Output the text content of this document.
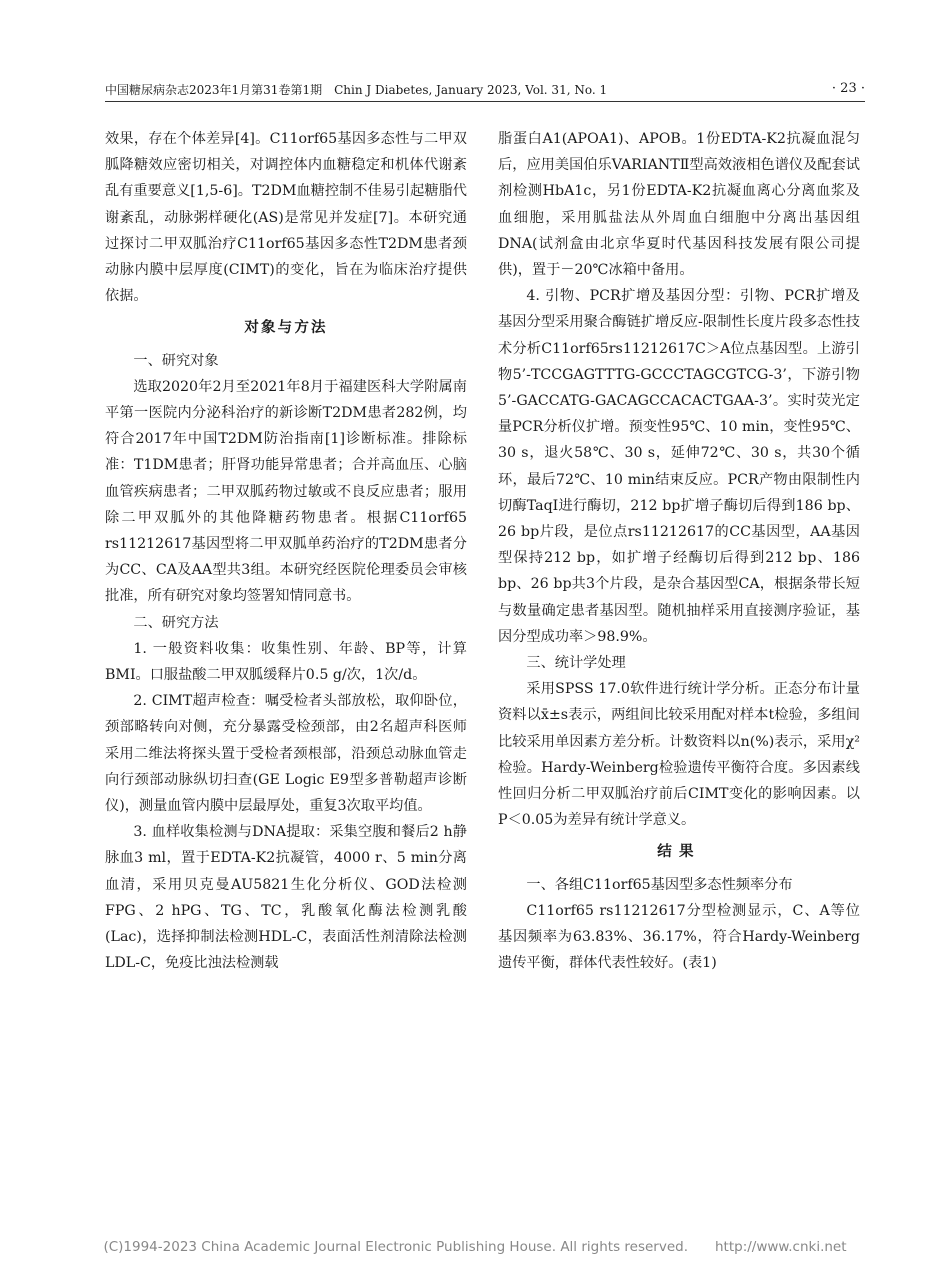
中国糖尿病杂志2023年1月第31卷第1期　Chin J Diabetes, January 2023, Vol. 31, No. 1	· 23 ·

效果，存在个体差异[4]。C11orf65基因多态性与二甲双胍降糖效应密切相关，对调控体内血糖稳定和机体代谢紊乱有重要意义[1,5-6]。T2DM血糖控制不佳易引起糖脂代谢紊乱，动脉粥样硬化(AS)是常见并发症[7]。本研究通过探讨二甲双胍治疗C11orf65基因多态性T2DM患者颈动脉内膜中层厚度(CIMT)的变化，旨在为临床治疗提供依据。

对象与方法

一、研究对象

选取2020年2月至2021年8月于福建医科大学附属南平第一医院内分泌科治疗的新诊断T2DM患者282例，均符合2017年中国T2DM防治指南[1]诊断标准。排除标准：T1DM患者；肝肾功能异常患者；合并高血压、心脑血管疾病患者；二甲双胍药物过敏或不良反应患者；服用除二甲双胍外的其他降糖药物患者。根据C11orf65 rs11212617基因型将二甲双胍单药治疗的T2DM患者分为CC、CA及AA型共3组。本研究经医院伦理委员会审核批准，所有研究对象均签署知情同意书。

二、研究方法

1. 一般资料收集：收集性别、年龄、BP等，计算BMI。口服盐酸二甲双胍缓释片0.5 g/次，1次/d。

2. CIMT超声检查：嘱受检者头部放松，取仰卧位，颈部略转向对侧，充分暴露受检颈部，由2名超声科医师采用二维法将探头置于受检者颈根部，沿颈总动脉血管走向行颈部动脉纵切扫查(GE Logic E9型多普勒超声诊断仪)，测量血管内膜中层最厚处，重复3次取平均值。

3. 血样收集检测与DNA提取：采集空腹和餐后2 h静脉血3 ml，置于EDTA-K2抗凝管，4000 r、5 min分离血清，采用贝克曼AU5821生化分析仪、GOD法检测FPG、2 hPG、TG、TC，乳酸氧化酶法检测乳酸(Lac)，选择抑制法检测HDL-C，表面活性剂清除法检测LDL-C，免疫比浊法检测载

脂蛋白A1(APOA1)、APOB。1份EDTA-K2抗凝血混匀后，应用美国伯乐VARIANTⅡ型高效液相色谱仪及配套试剂检测HbA1c，另1份EDTA-K2抗凝血离心分离血浆及血细胞，采用胍盐法从外周血白细胞中分离出基因组DNA(试剂盒由北京华夏时代基因科技发展有限公司提供)，置于－20℃冰箱中备用。

4. 引物、PCR扩增及基因分型：引物、PCR扩增及基因分型采用聚合酶链扩增反应-限制性长度片段多态性技术分析C11orf65rs11212617C＞A位点基因型。上游引物5’-TCCGAGTTTG-GCCCTAGCGTCG-3’，下游引物5’-GACCATG-GACAGCCACACTGAA-3’。实时荧光定量PCR分析仪扩增。预变性95℃、10 min，变性95℃、30 s，退火58℃、30 s，延伸72℃、30 s，共30个循环，最后72℃、10 min结束反应。PCR产物由限制性内切酶TaqI进行酶切，212 bp扩增子酶切后得到186 bp、26 bp片段，是位点rs11212617的CC基因型，AA基因型保持212 bp，如扩增子经酶切后得到212 bp、186 bp、26 bp共3个片段，是杂合基因型CA，根据条带长短与数量确定患者基因型。随机抽样采用直接测序验证，基因分型成功率＞98.9%。

三、统计学处理

采用SPSS 17.0软件进行统计学分析。正态分布计量资料以x̄±s表示，两组间比较采用配对样本t检验，多组间比较采用单因素方差分析。计数资料以n(%)表示，采用χ²检验。Hardy-Weinberg检验遗传平衡符合度。多因素线性回归分析二甲双胍治疗前后CIMT变化的影响因素。以P＜0.05为差异有统计学意义。

结果

一、各组C11orf65基因型多态性频率分布

C11orf65 rs11212617分型检测显示，C、A等位基因频率为63.83%、36.17%，符合Hardy-Weinberg遗传平衡，群体代表性较好。(表1)

(C)1994-2023 China Academic Journal Electronic Publishing House. All rights reserved.　　http://www.cnki.net
